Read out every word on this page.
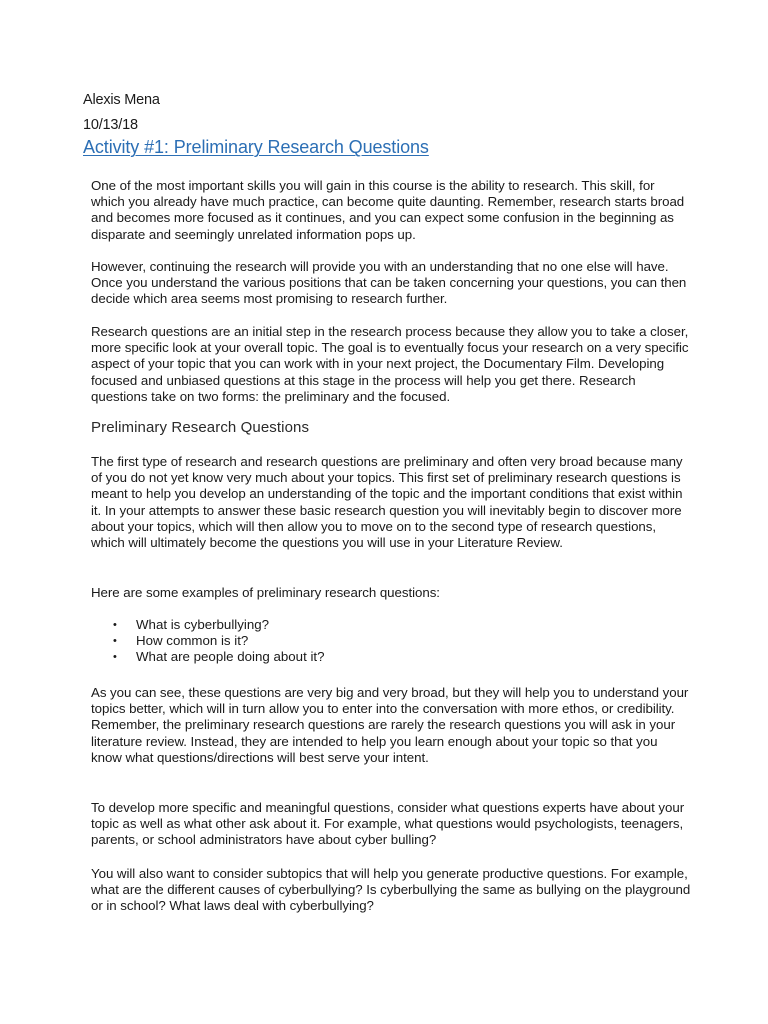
Alexis Mena
10/13/18
Activity #1: Preliminary Research Questions

One of the most important skills you will gain in this course is the ability to research. This skill, for which you already have much practice, can become quite daunting. Remember, research starts broad and becomes more focused as it continues, and you can expect some confusion in the beginning as disparate and seemingly unrelated information pops up.

However, continuing the research will provide you with an understanding that no one else will have. Once you understand the various positions that can be taken concerning your questions, you can then decide which area seems most promising to research further.

Research questions are an initial step in the research process because they allow you to take a closer, more specific look at your overall topic. The goal is to eventually focus your research on a very specific aspect of your topic that you can work with in your next project, the Documentary Film. Developing focused and unbiased questions at this stage in the process will help you get there. Research questions take on two forms: the preliminary and the focused.

Preliminary Research Questions

The first type of research and research questions are preliminary and often very broad because many of you do not yet know very much about your topics. This first set of preliminary research questions is meant to help you develop an understanding of the topic and the important conditions that exist within it. In your attempts to answer these basic research question you will inevitably begin to discover more about your topics, which will then allow you to move on to the second type of research questions, which will ultimately become the questions you will use in your Literature Review.

Here are some examples of preliminary research questions:

• What is cyberbullying?
• How common is it?
• What are people doing about it?

As you can see, these questions are very big and very broad, but they will help you to understand your topics better, which will in turn allow you to enter into the conversation with more ethos, or credibility. Remember, the preliminary research questions are rarely the research questions you will ask in your literature review. Instead, they are intended to help you learn enough about your topic so that you know what questions/directions will best serve your intent.

To develop more specific and meaningful questions, consider what questions experts have about your topic as well as what other ask about it. For example, what questions would psychologists, teenagers, parents, or school administrators have about cyber bulling?

You will also want to consider subtopics that will help you generate productive questions. For example, what are the different causes of cyberbullying? Is cyberbullying the same as bullying on the playground or in school? What laws deal with cyberbullying?
